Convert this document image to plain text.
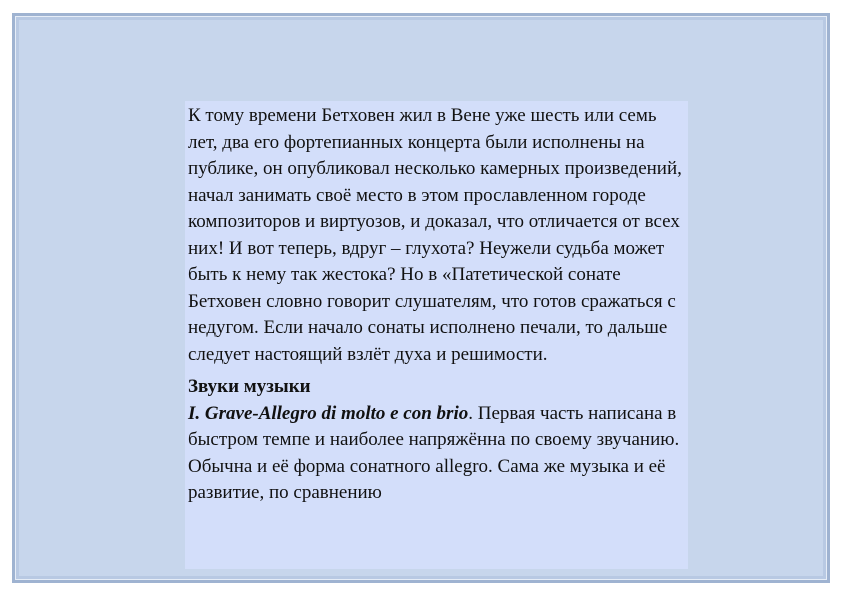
К тому времени Бетховен жил в Вене уже шесть или семь лет, два его фортепианных концерта были исполнены на публике, он опубликовал несколько камерных произведений, начал занимать своё место в этом прославленном городе композиторов и виртуозов, и доказал, что отличается от всех них! И вот теперь, вдруг – глухота? Неужели судьба может быть к нему так жестока? Но в «Патетической сонате Бетховен словно говорит слушателям, что готов сражаться с недугом. Если начало сонаты исполнено печали, то дальше следует настоящий взлёт духа и решимости.

Звуки музыки

I. Grave-Allegro di molto e con brio. Первая часть написана в быстром темпе и наиболее напряжённа по своему звучанию. Обычна и её форма сонатного allegro. Сама же музыка и её развитие, по сравнению
